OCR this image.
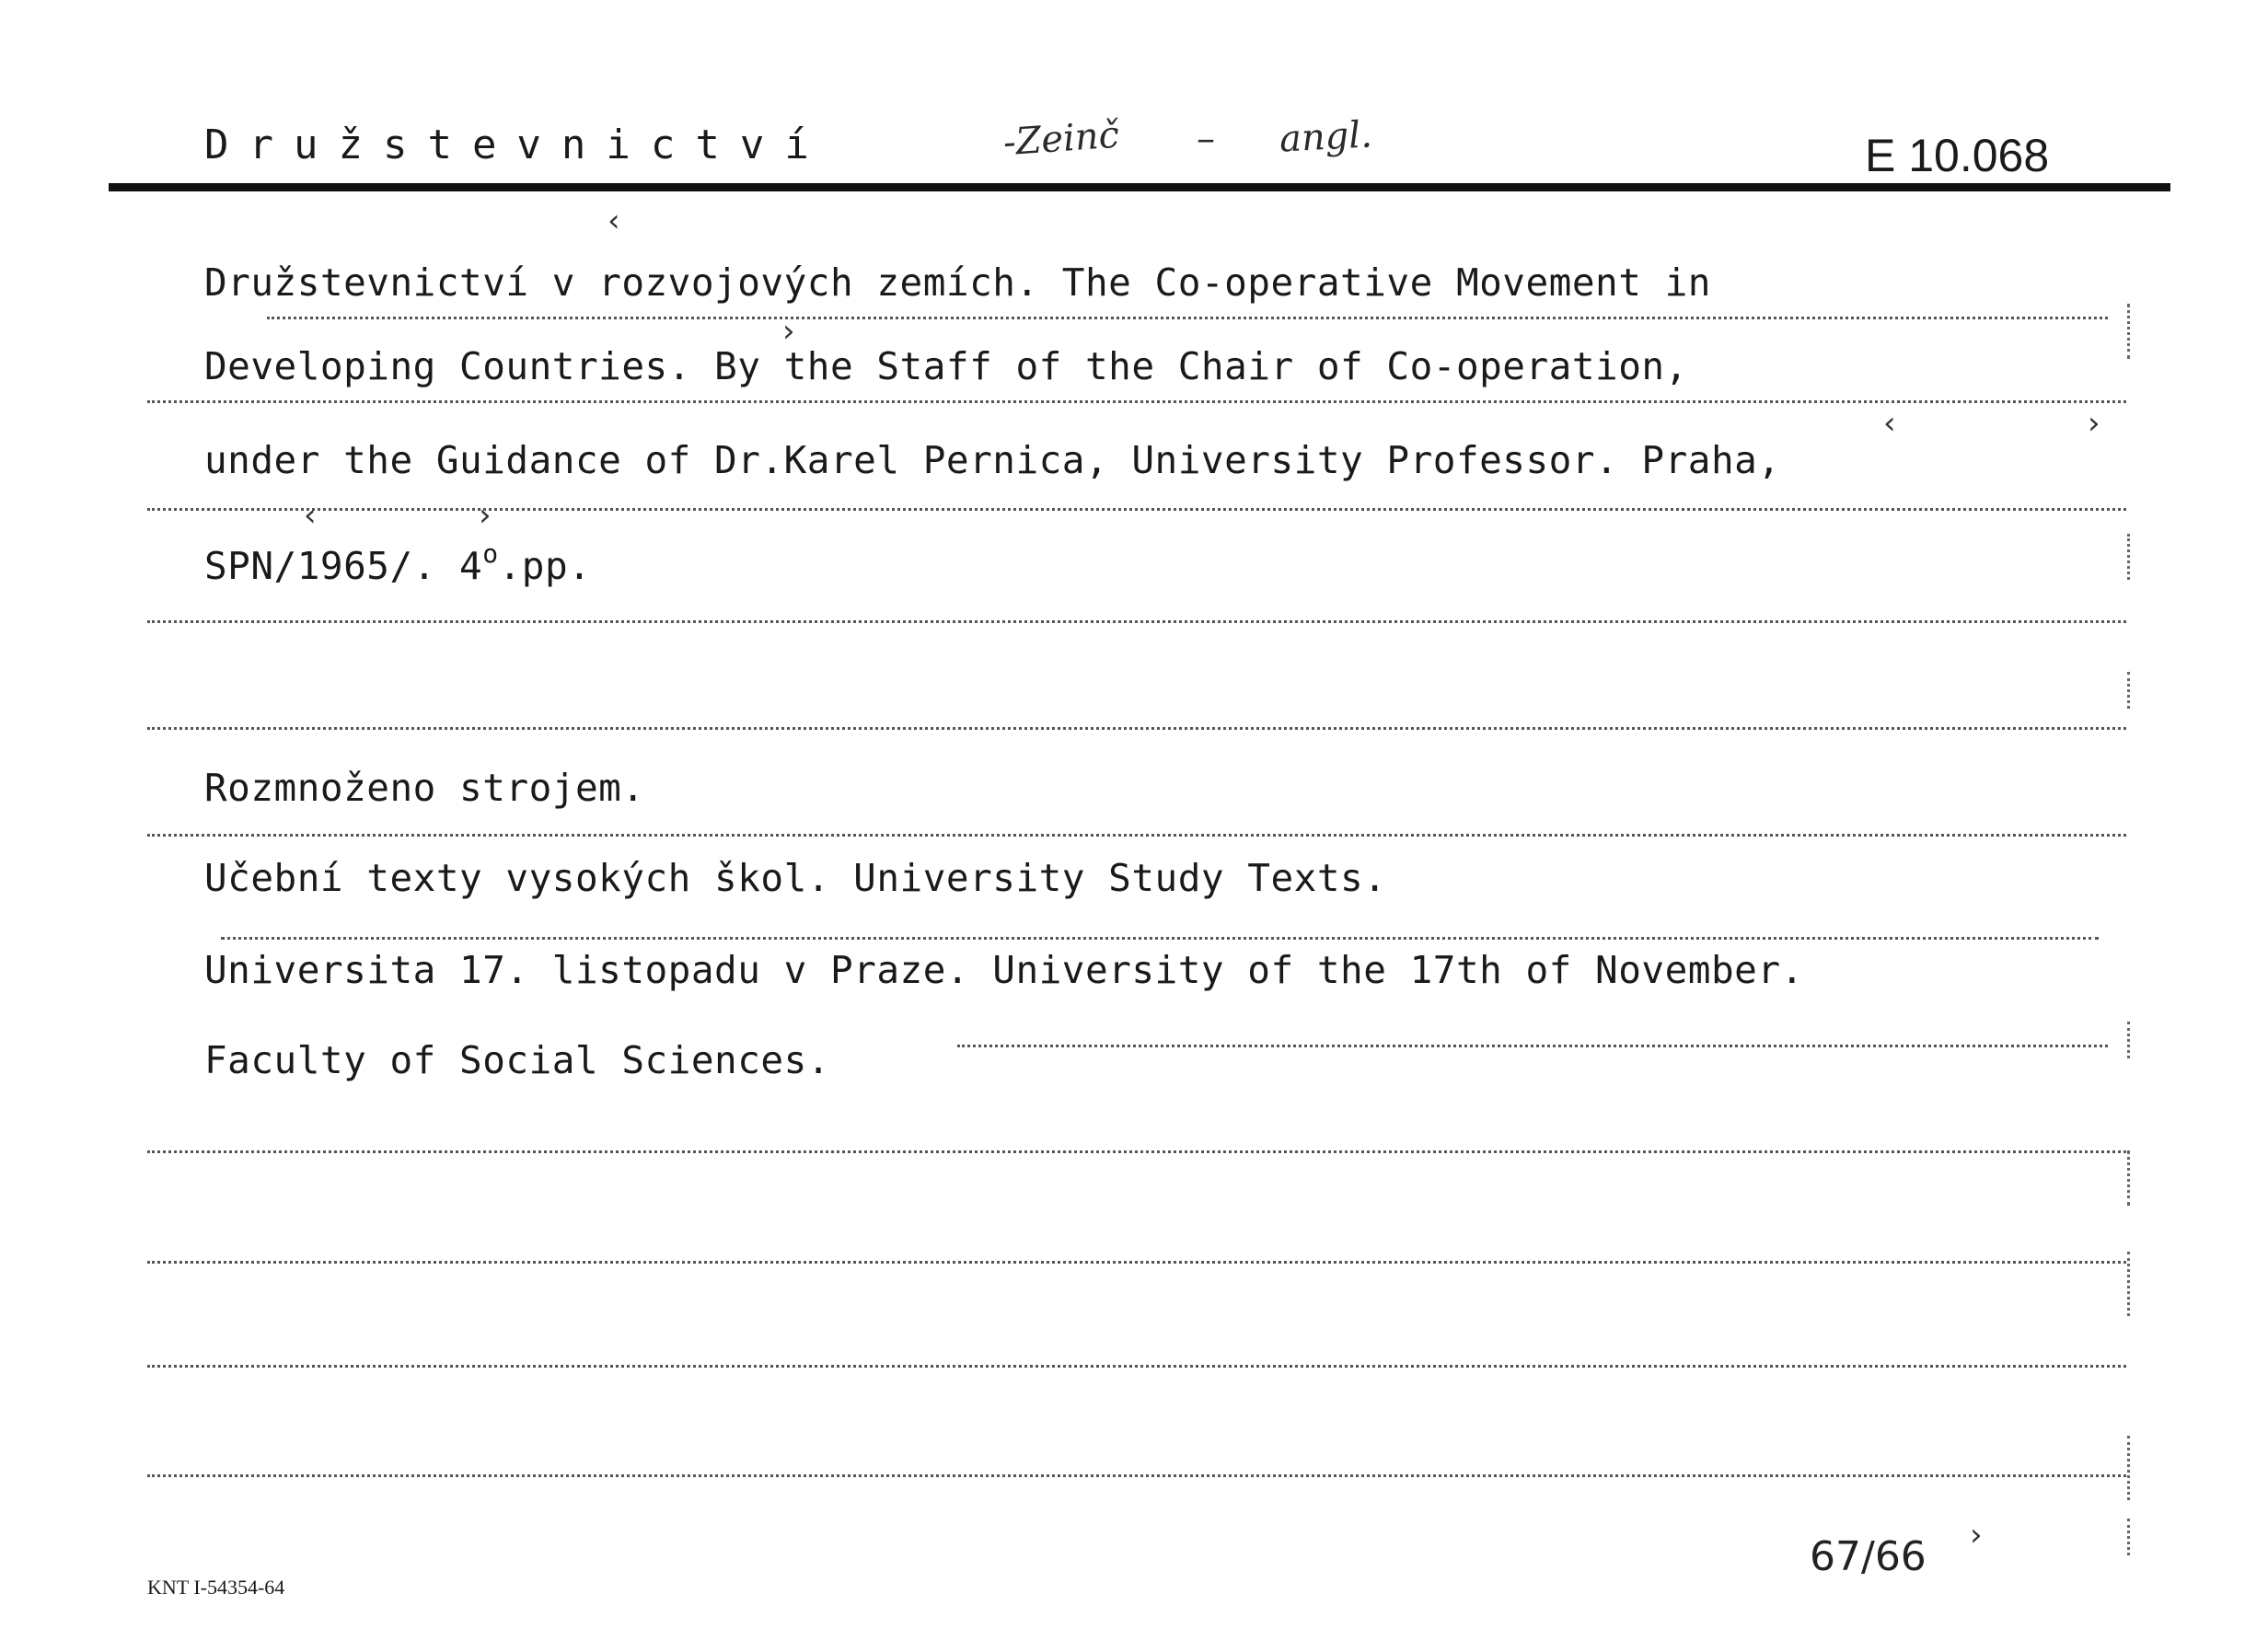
Družstevnictví	-Zeinč – angl.	E 10.068
Družstevnictví v rozvojových zemích. The Co-operative Movement in
Developing Countries. By the Staff of the Chair of Co-operation,
under the Guidance of Dr.Karel Pernica, University Professor. Praha,
SPN/1965/. 4$^o$.pp.
Rozmnoženo strojem.
Učební texty vysokých škol. University Study Texts.
Universita 17. listopadu v Praze. University of the 17th of November.
Faculty of Social Sciences.
‹
›
‹	›
‹	›
›
KNT I-54354-64
67/66
